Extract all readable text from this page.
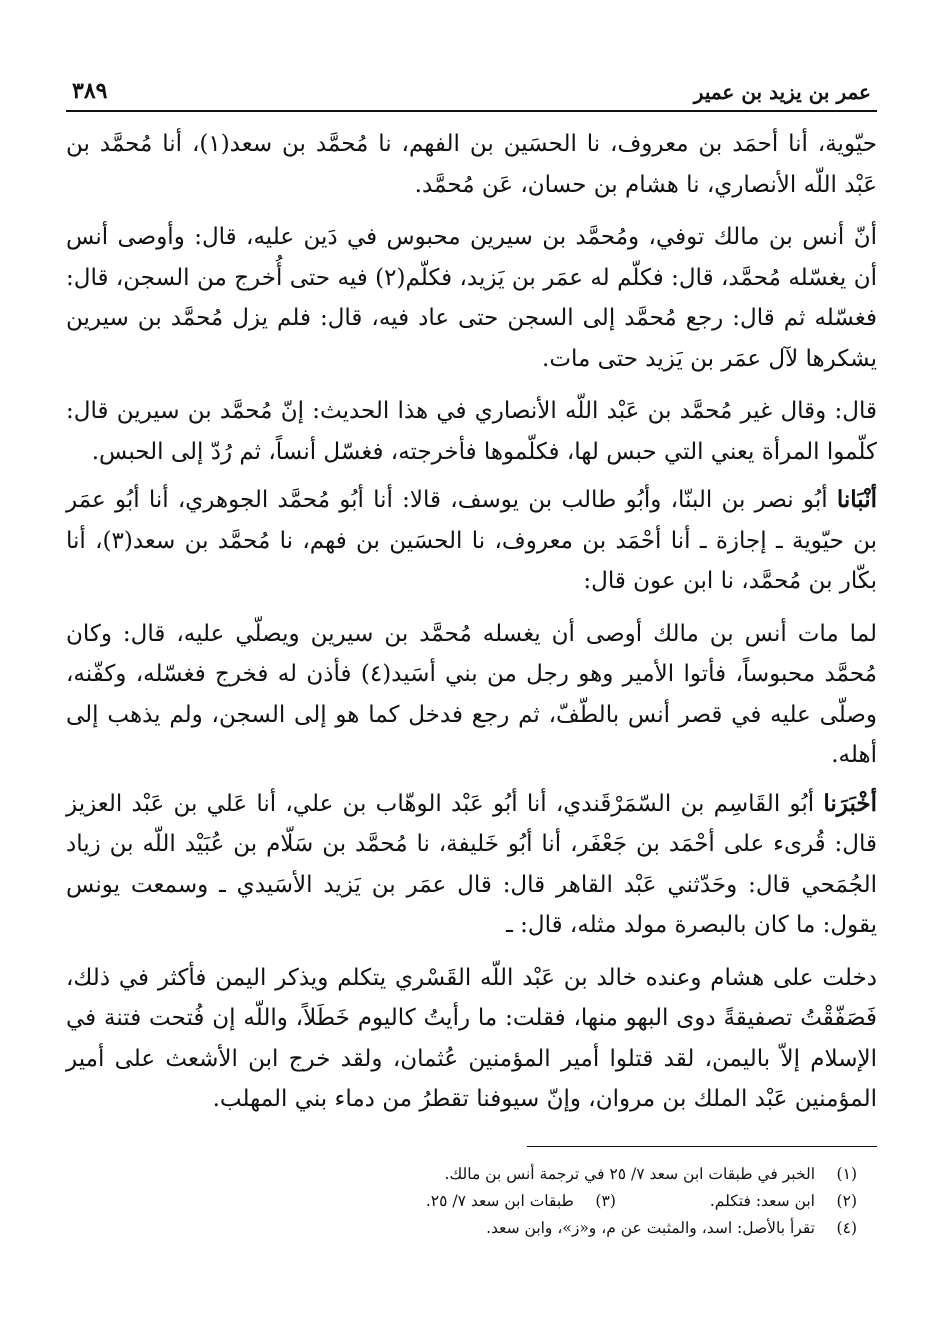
عمر بن يزيد بن عمير
٣٨٩

حيّوية، أنا أحمَد بن معروف، نا الحسَين بن الفهم، نا مُحمَّد بن سعد(١)، أنا مُحمَّد بن عَبْد اللّه الأنصاري، نا هشام بن حسان، عَن مُحمَّد.

أنّ أنس بن مالك توفي، ومُحمَّد بن سيرين محبوس في دَين عليه، قال: وأوصى أنس أن يغسّله مُحمَّد، قال: فكلّم له عمَر بن يَزيد، فكلّم(٢) فيه حتى أُخرج من السجن، قال: فغسّله ثم قال: رجع مُحمَّد إلى السجن حتى عاد فيه، قال: فلم يزل مُحمَّد بن سيرين يشكرها لآل عمَر بن يَزيد حتى مات.

قال: وقال غير مُحمَّد بن عَبْد اللّه الأنصاري في هذا الحديث: إنّ مُحمَّد بن سيرين قال: كلّموا المرأة يعني التي حبس لها، فكلّموها فأخرجته، فغسّل أنساً، ثم رُدّ إلى الحبس.

أنْبَانا أبُو نصر بن البنّا، وأبُو طالب بن يوسف، قالا: أنا أبُو مُحمَّد الجوهري، أنا أبُو عمَر بن حيّوية ـ إجازة ـ أنا أحْمَد بن معروف، نا الحسَين بن فهم، نا مُحمَّد بن سعد(٣)، أنا بكّار بن مُحمَّد، نا ابن عون قال:

لما مات أنس بن مالك أوصى أن يغسله مُحمَّد بن سيرين ويصلّي عليه، قال: وكان مُحمَّد محبوساً، فأتوا الأمير وهو رجل من بني أسَيد(٤) فأذن له فخرج فغسّله، وكفّنه، وصلّى عليه في قصر أنس بالطّفّ، ثم رجع فدخل كما هو إلى السجن، ولم يذهب إلى أهله.

أخْبَرَنا أبُو القَاسِم بن السّمَرْقَندي، أنا أبُو عَبْد الوهّاب بن علي، أنا عَلي بن عَبْد العزيز قال: قُرىء على أحْمَد بن جَعْفَر، أنا أبُو خَليفة، نا مُحمَّد بن سَلّام بن عُبَيْد اللّه بن زياد الجُمَحي قال: وحَدّثني عَبْد القاهر قال: قال عمَر بن يَزيد الأسَيدي ـ وسمعت يونس يقول: ما كان بالبصرة مولد مثله، قال: ـ

دخلت على هشام وعنده خالد بن عَبْد اللّه القَسْري يتكلم ويذكر اليمن فأكثر في ذلك، فَصَفّقْتُ تصفيقةً دوى البهو منها، فقلت: ما رأيتُ كاليوم خَطَلاً، واللّه إن فُتحت فتنة في الإسلام إلاّ باليمن، لقد قتلوا أمير المؤمنين عُثمان، ولقد خرج ابن الأشعث على أمير المؤمنين عَبْد الملك بن مروان، وإنّ سيوفنا تقطرُ من دماء بني المهلب.

(١)
الخبر في طبقات ابن سعد ٧/ ٢٥ في ترجمة أنس بن مالك.
(٢)
ابن سعد: فتكلم.
(٣)
طبقات ابن سعد ٧/ ٢٥.
(٤)
تقرأ بالأصل: اسد، والمثبت عن م، و«ز»، وابن سعد.
